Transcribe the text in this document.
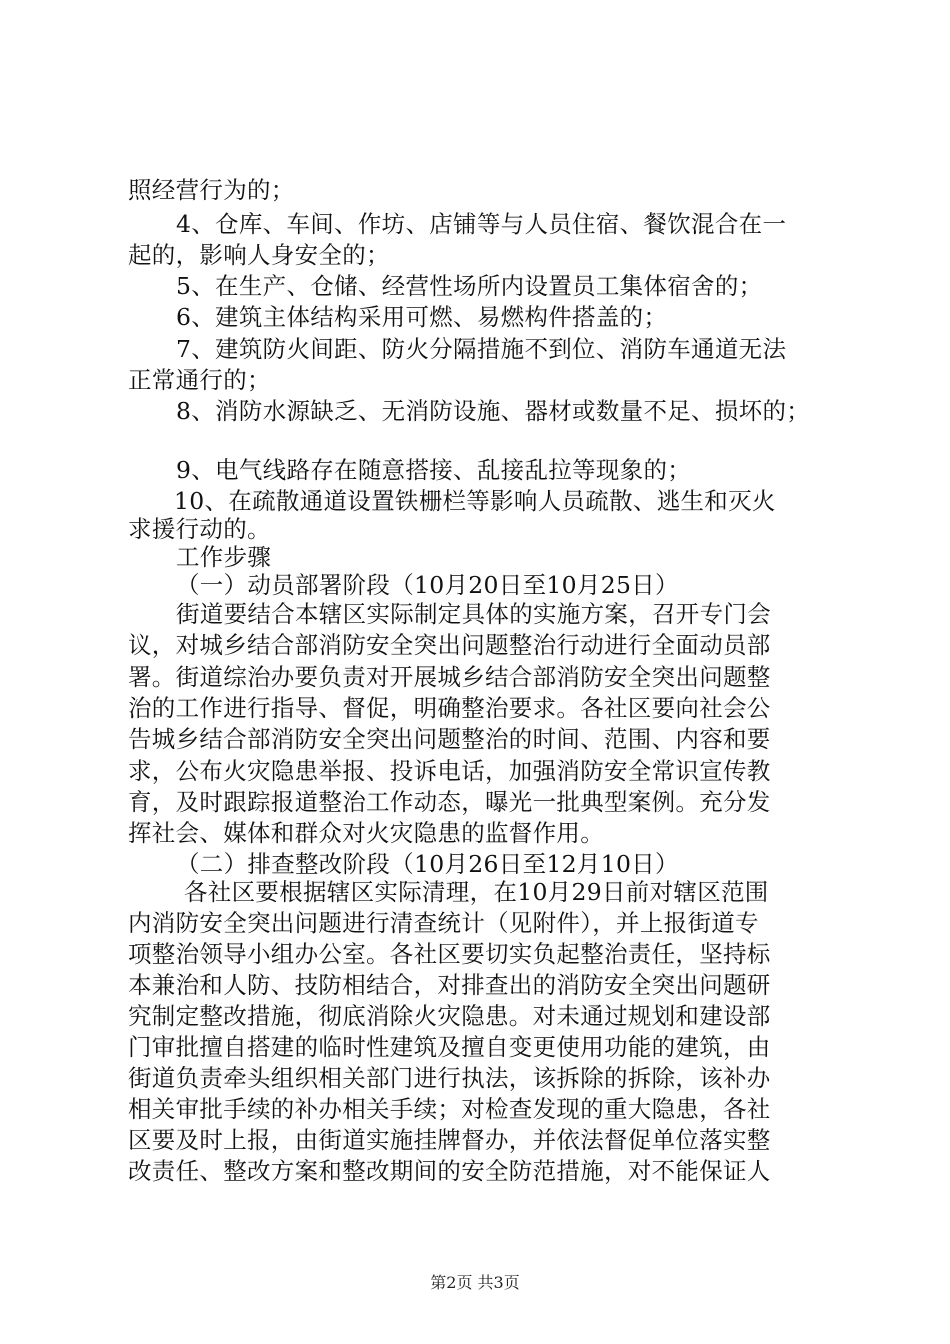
照经营行为的；
4、仓库、车间、作坊、店铺等与人员住宿、餐饮混合在一
起的，影响人身安全的；
5、在生产、仓储、经营性场所内设置员工集体宿舍的；
6、建筑主体结构采用可燃、易燃构件搭盖的；
7、建筑防火间距、防火分隔措施不到位、消防车通道无法
正常通行的；
8、消防水源缺乏、无消防设施、器材或数量不足、损坏的；
9、电气线路存在随意搭接、乱接乱拉等现象的；
10、在疏散通道设置铁栅栏等影响人员疏散、逃生和灭火
求援行动的。
工作步骤
（一）动员部署阶段（10月20日至10月25日）
街道要结合本辖区实际制定具体的实施方案，召开专门会
议，对城乡结合部消防安全突出问题整治行动进行全面动员部
署。街道综治办要负责对开展城乡结合部消防安全突出问题整
治的工作进行指导、督促，明确整治要求。各社区要向社会公
告城乡结合部消防安全突出问题整治的时间、范围、内容和要
求，公布火灾隐患举报、投诉电话，加强消防安全常识宣传教
育，及时跟踪报道整治工作动态，曝光一批典型案例。充分发
挥社会、媒体和群众对火灾隐患的监督作用。
（二）排查整改阶段（10月26日至12月10日）
各社区要根据辖区实际清理，在10月29日前对辖区范围
内消防安全突出问题进行清查统计（见附件），并上报街道专
项整治领导小组办公室。各社区要切实负起整治责任，坚持标
本兼治和人防、技防相结合，对排查出的消防安全突出问题研
究制定整改措施，彻底消除火灾隐患。对未通过规划和建设部
门审批擅自搭建的临时性建筑及擅自变更使用功能的建筑，由
街道负责牵头组织相关部门进行执法，该拆除的拆除，该补办
相关审批手续的补办相关手续；对检查发现的重大隐患，各社
区要及时上报，由街道实施挂牌督办，并依法督促单位落实整
改责任、整改方案和整改期间的安全防范措施，对不能保证人
第2页 共3页
